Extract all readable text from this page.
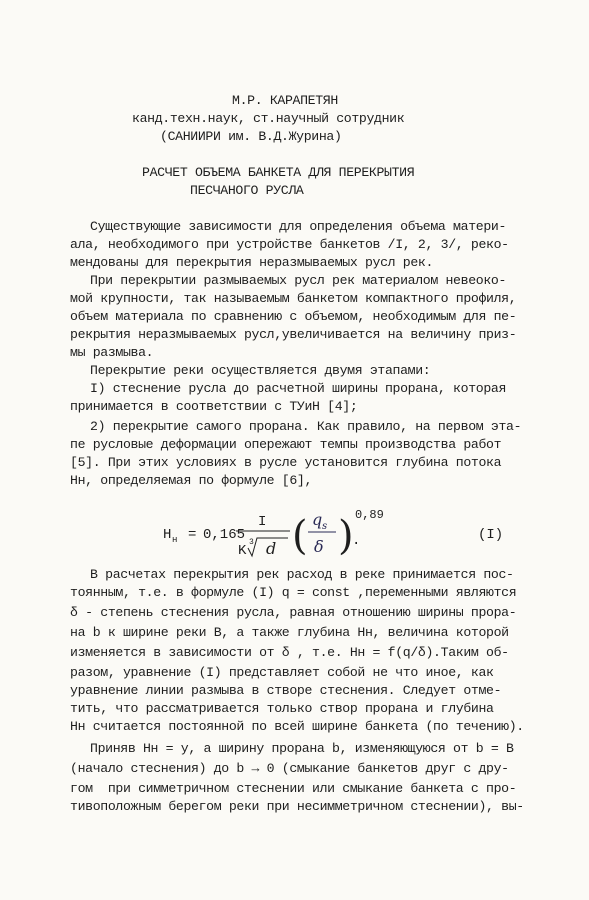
М.Р. КАРАПЕТЯН
канд.техн.наук, ст.научный сотрудник
(САНИИРИ им. В.Д.Журина)
РАСЧЕТ ОБЪЕМА БАНКЕТА ДЛЯ ПЕРЕКРЫТИЯ
ПЕСЧАНОГО РУСЛА
Существующие зависимости для определения объема матери-
ала, необходимого при устройстве банкетов /I, 2, 3/, реко-
мендованы для перекрытия неразмываемых русл рек.
При перекрытии размываемых русл рек материалом невеоко-
мой крупности, так называемым банкетом компактного профиля,
объем материала по сравнению с объемом, необходимым для пе-
рекрытия неразмываемых русл,увеличивается на величину приз-
мы размыва.
Перекрытие реки осуществляется двумя этапами:
I) стеснение русла до расчетной ширины прорана, которая
принимается в соответствии с ТУиН [4];
2) перекрытие самого прорана. Как правило, на первом эта-
пе русловые деформации опережают темпы производства работ
[5]. При этих условиях в русле установится глубина потока
Hн, определяемая по формуле [6],
H н = 0,165
I
K
3 d ( q s
δ ) 0,89
.	(I)
В расчетах перекрытия рек расход в реке принимается пос-
тоянным, т.е. в формуле (I) q = const ,переменными являются
δ - степень стеснения русла, равная отношению ширины прора-
на b к ширине реки B, а также глубина Hн, величина которой
изменяется в зависимости от δ , т.е. Hн = f(q/δ).Таким об-
разом, уравнение (I) представляет собой не что иное, как
уравнение линии размыва в створе стеснения. Следует отме-
тить, что рассматривается только створ прорана и глубина
Hн считается постоянной по всей ширине банкета (по течению).
Приняв Hн = y, а ширину прорана b, изменяющуюся от b = B
(начало стеснения) до b → 0 (смыкание банкетов друг с дру-
гом  при симметричном стеснении или смыкание банкета с про-
тивоположным берегом реки при несимметричном стеснении), вы-
